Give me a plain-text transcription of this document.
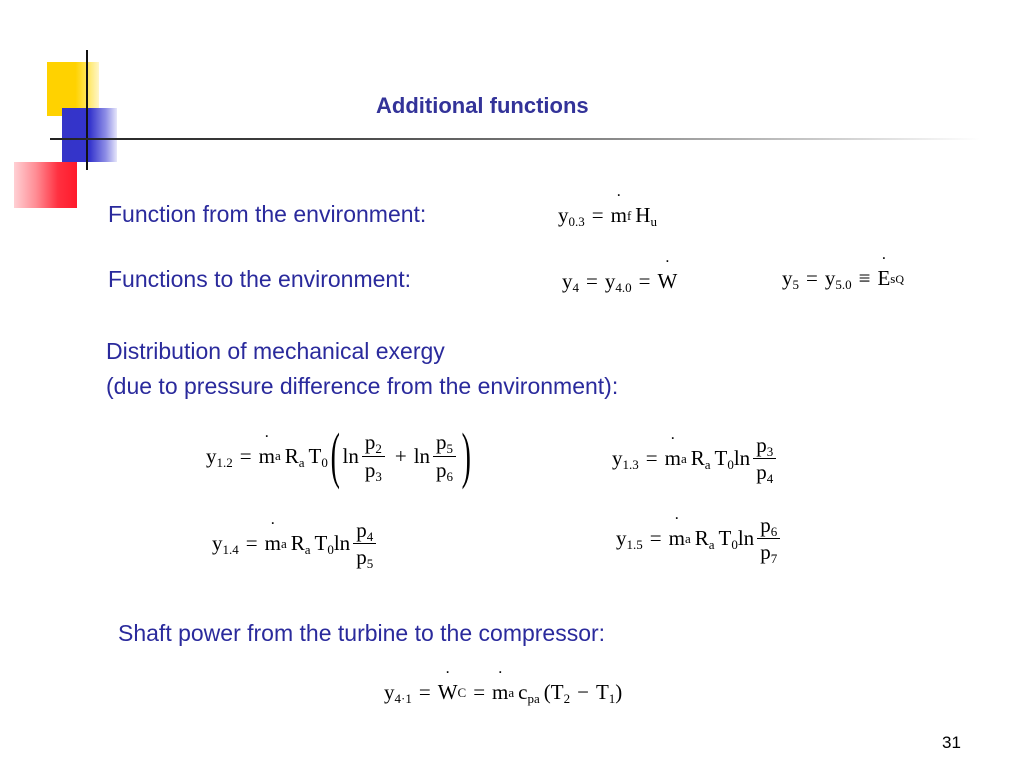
Additional functions
Function from the environment:
Functions to the environment:
Distribution of mechanical exergy
(due to pressure difference from the environment):
Shaft power from the turbine to the compressor:
$y_{0.3}$ = ˙ m f $H_u$
$y_4 = y_{4.0}$ = ˙ W	$y_5 = y_{5.0}$ ≡ ˙ E s Q
$y_{1.2}$ = ˙ m a $R_a$ $T_0$ ( $\ln \frac{p_2}{p_3} + \ln \frac{p_5}{p_6}$ )	$y_{1.3}$ = ˙ m a $R_a$ $T_0$ $\ln \frac{p_3}{p_4}$
$y_{1.4}$ = ˙ m a $R_a$ $T_0$ $\ln \frac{p_4}{p_5}$	$y_{1.5}$ = ˙ m a $R_a$ $T_0$ $\ln \frac{p_6}{p_7}$
$y_{4\cdot 1}$ = ˙ W C = ˙ m a $c_{pa}$ $(T_2 - T_1)$
31
